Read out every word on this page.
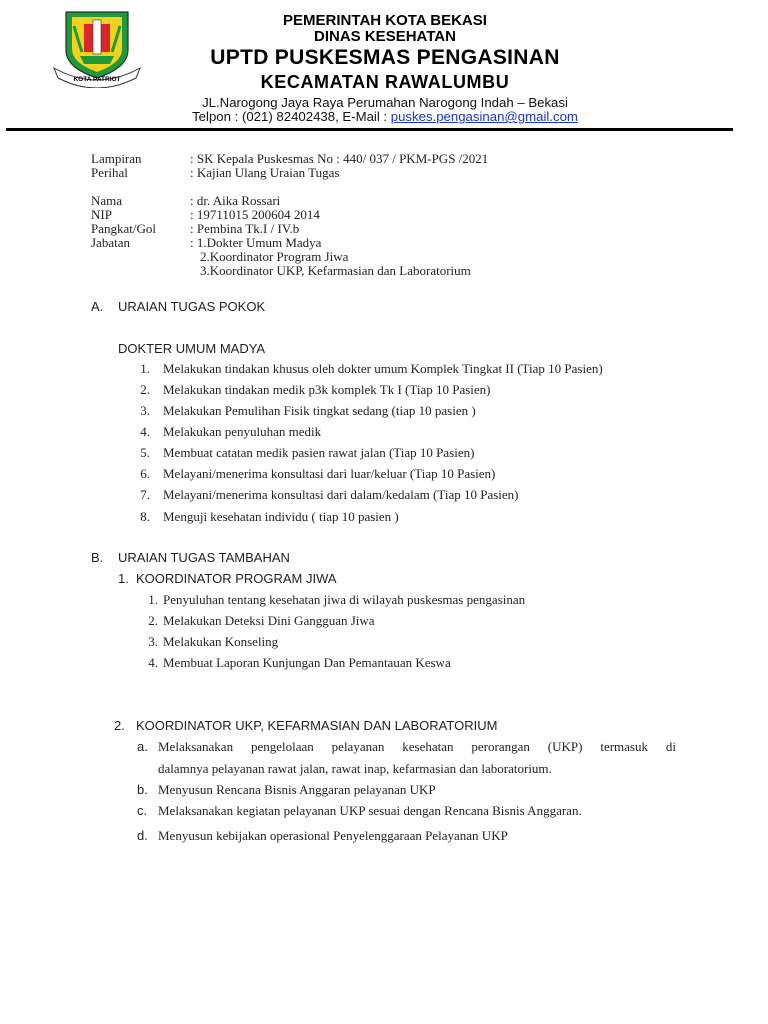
KOTA PATRIOT
PEMERINTAH KOTA BEKASI
DINAS KESEHATAN
UPTD PUSKESMAS PENGASINAN
KECAMATAN RAWALUMBU
JL.Narogong Jaya Raya Perumahan Narogong Indah – Bekasi
Telpon : (021) 82402438, E-Mail : puskes.pengasinan@gmail.com
Lampiran	: SK Kepala Puskesmas No : 440/ 037 / PKM-PGS /2021
Perihal	: Kajian Ulang Uraian Tugas
Nama	: dr. Aika Rossari
NIP	: 19711015 200604 2014
Pangkat/Gol	: Pembina Tk.I / IV.b
Jabatan	: 1.Dokter Umum Madya
2.Koordinator Program Jiwa
3.Koordinator UKP, Kefarmasian dan Laboratorium
A. URAIAN TUGAS POKOK
DOKTER UMUM MADYA
1. Melakukan tindakan khusus oleh dokter umum Komplek Tingkat II (Tiap 10 Pasien)
2. Melakukan tindakan medik p3k komplek Tk I (Tiap 10 Pasien)
3. Melakukan Pemulihan Fisik tingkat sedang (tiap 10 pasien )
4. Melakukan penyuluhan medik
5. Membuat catatan medik pasien rawat jalan (Tiap 10 Pasien)
6. Melayani/menerima konsultasi dari luar/keluar (Tiap 10 Pasien)
7. Melayani/menerima konsultasi dari dalam/kedalam (Tiap 10 Pasien)
8. Menguji kesehatan individu ( tiap 10 pasien )
B. URAIAN TUGAS TAMBAHAN
1. KOORDINATOR PROGRAM JIWA
1. Penyuluhan tentang kesehatan jiwa di wilayah puskesmas pengasinan
2. Melakukan Deteksi Dini Gangguan Jiwa
3. Melakukan Konseling
4. Membuat Laporan Kunjungan Dan Pemantauan Keswa
2. KOORDINATOR UKP, KEFARMASIAN DAN LABORATORIUM
a. Melaksanakan pengelolaan pelayanan kesehatan perorangan (UKP) termasuk di
dalamnya pelayanan rawat jalan, rawat inap, kefarmasian dan laboratorium.
b. Menyusun Rencana Bisnis Anggaran pelayanan UKP
c. Melaksanakan kegiatan pelayanan UKP sesuai dengan Rencana Bisnis Anggaran.
d. Menyusun kebijakan operasional Penyelenggaraan Pelayanan UKP
